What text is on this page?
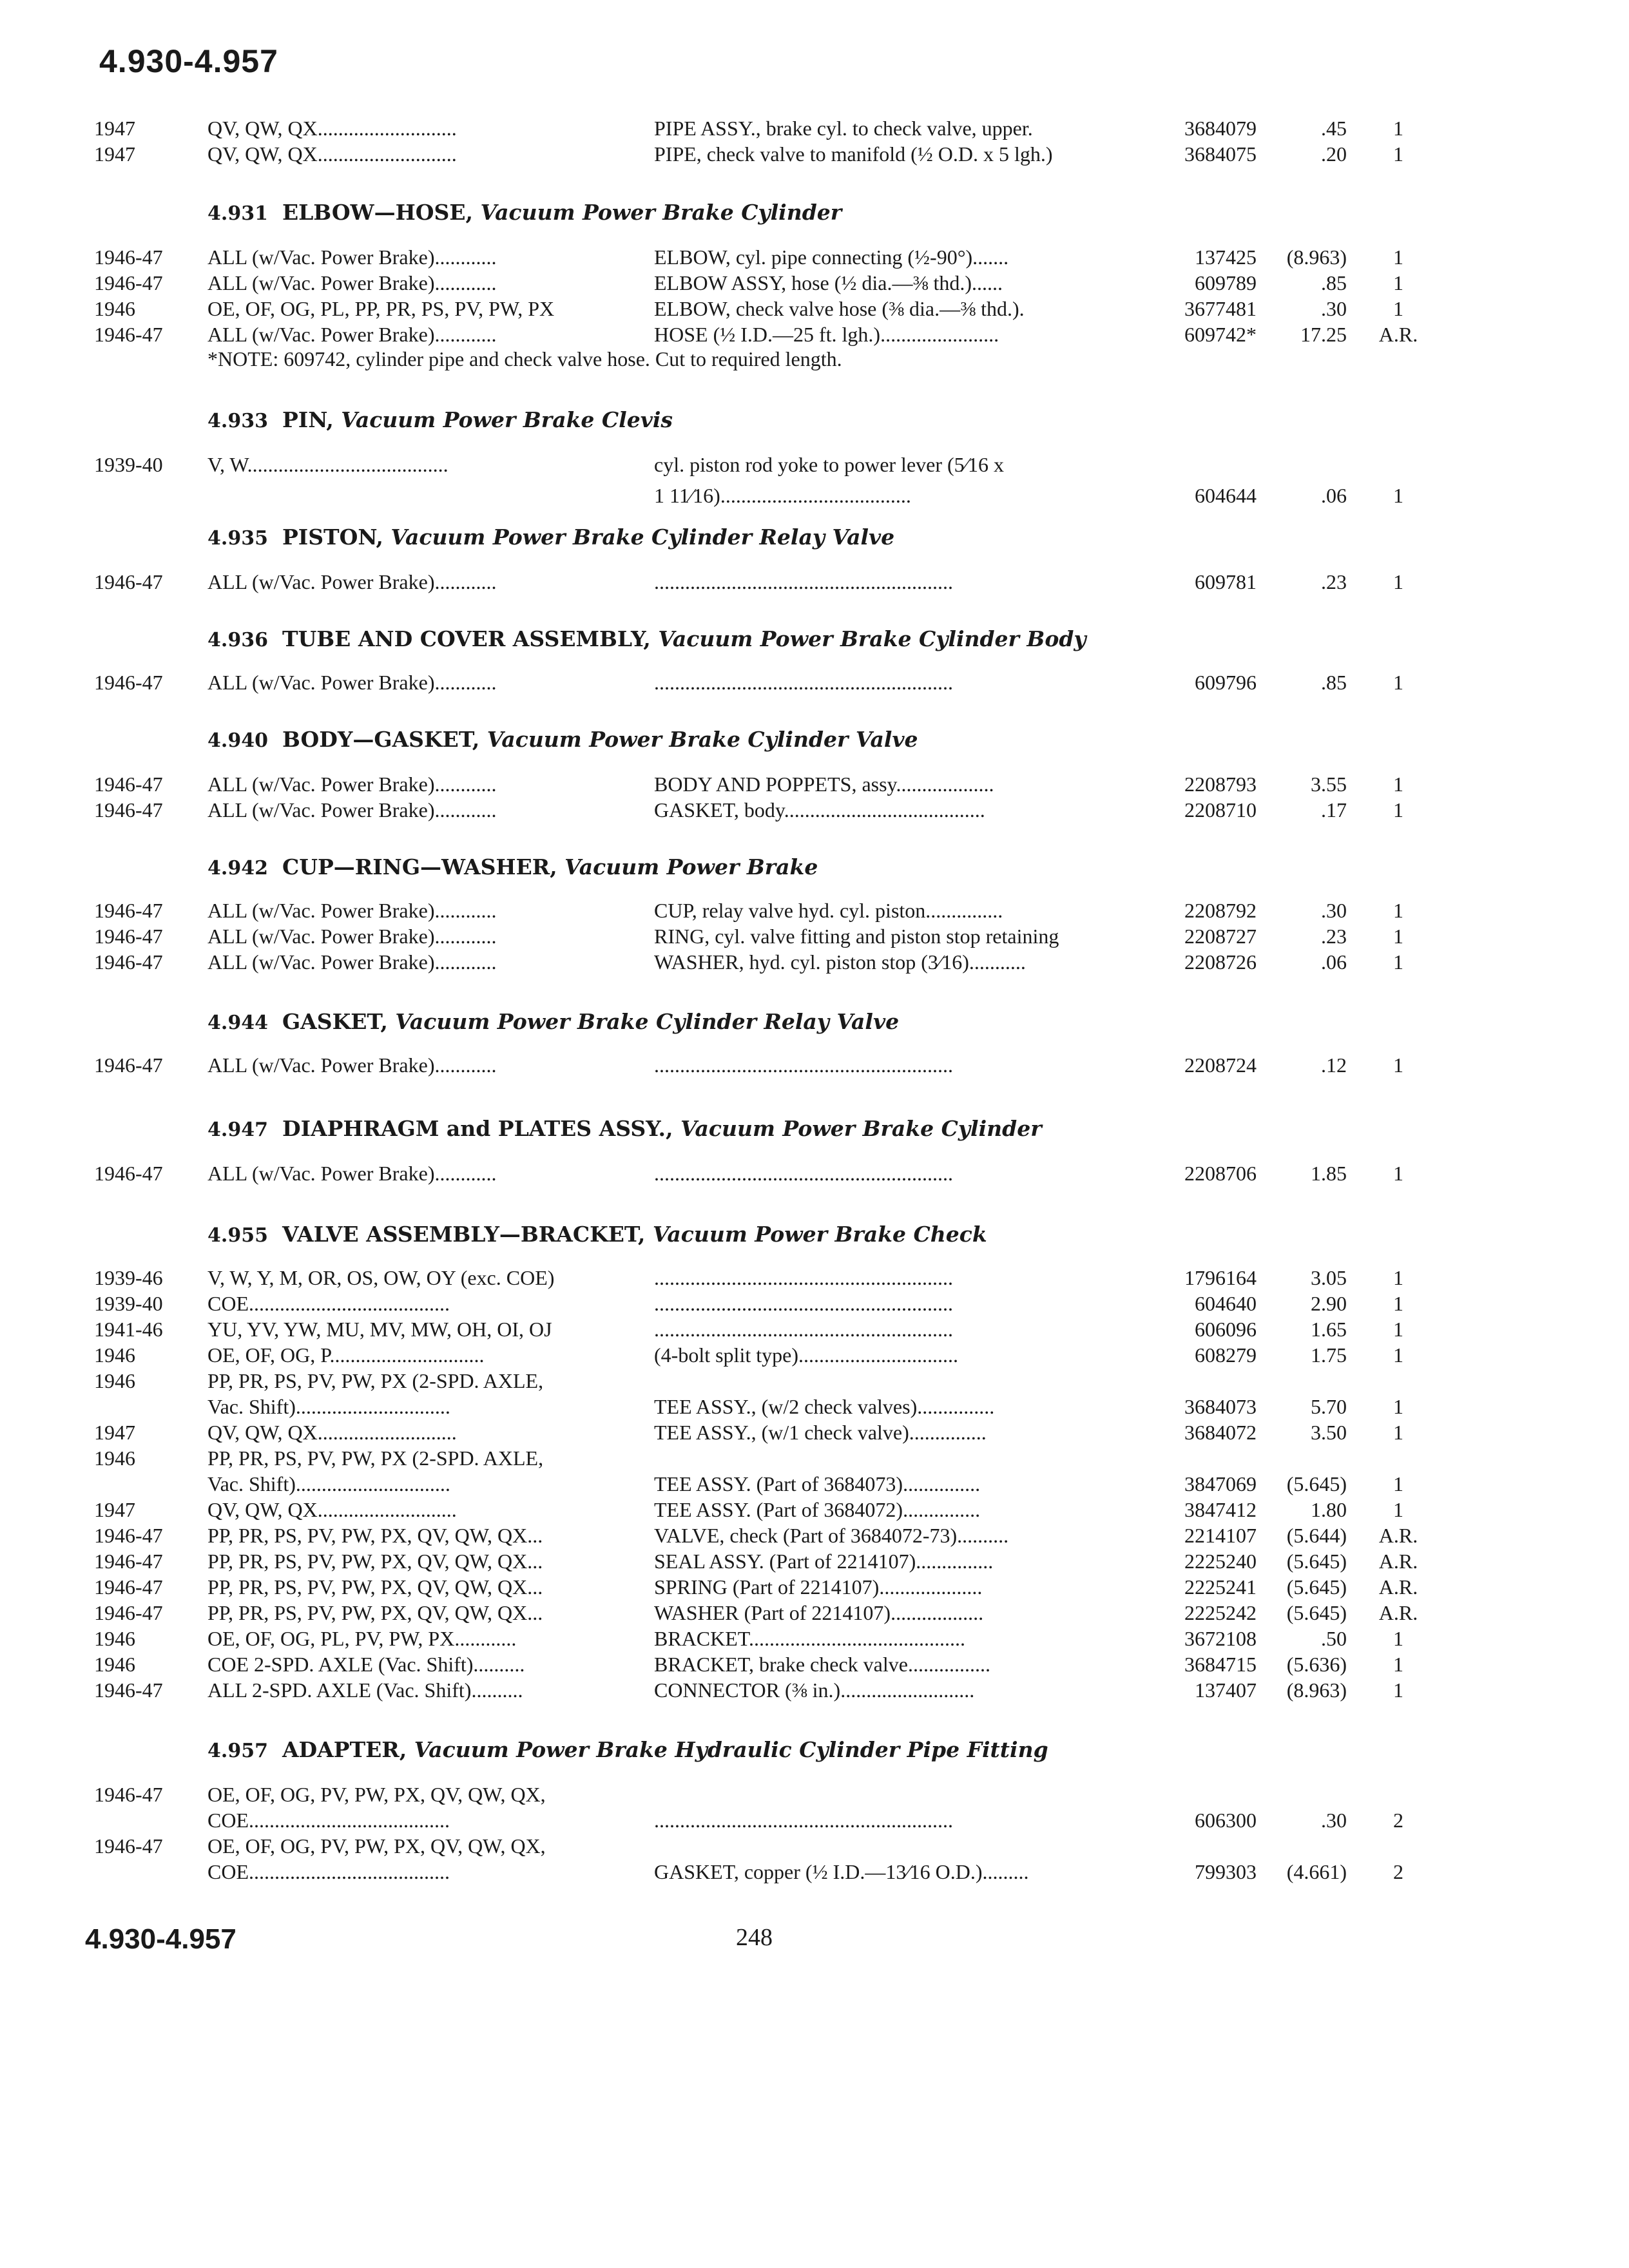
4.930-4.957
1947	QV, QW, QX...........................	PIPE ASSY., brake cyl. to check valve, upper.	3684079	.45	1
1947	QV, QW, QX...........................	PIPE, check valve to manifold (½ O.D. x 5 lgh.)	3684075	.20	1
4.931 ELBOW—HOSE, Vacuum Power Brake Cylinder
1946-47	ALL (w/Vac. Power Brake)............	ELBOW, cyl. pipe connecting (½-90°).......	137425	(8.963)	1
1946-47	ALL (w/Vac. Power Brake)............	ELBOW ASSY, hose (½ dia.—⅜ thd.)......	609789	.85	1
1946	OE, OF, OG, PL, PP, PR, PS, PV, PW, PX	ELBOW, check valve hose (⅜ dia.—⅜ thd.).	3677481	.30	1
1946-47	ALL (w/Vac. Power Brake)............	HOSE (½ I.D.—25 ft. lgh.).......................	609742*	17.25	A.R.
*NOTE: 609742, cylinder pipe and check valve hose. Cut to required length.
4.933 PIN, Vacuum Power Brake Clevis
1939-40	V, W.......................................	cyl. piston rod yoke to power lever (5⁄16 x
1 11⁄16).....................................	604644	.06	1
4.935 PISTON, Vacuum Power Brake Cylinder Relay Valve
1946-47	ALL (w/Vac. Power Brake)............	..........................................................	609781	.23	1
4.936 TUBE AND COVER ASSEMBLY, Vacuum Power Brake Cylinder Body
1946-47	ALL (w/Vac. Power Brake)............	..........................................................	609796	.85	1
4.940 BODY—GASKET, Vacuum Power Brake Cylinder Valve
1946-47	ALL (w/Vac. Power Brake)............	BODY AND POPPETS, assy...................	2208793	3.55	1
1946-47	ALL (w/Vac. Power Brake)............	GASKET, body.......................................	2208710	.17	1
4.942 CUP—RING—WASHER, Vacuum Power Brake
1946-47	ALL (w/Vac. Power Brake)............	CUP, relay valve hyd. cyl. piston...............	2208792	.30	1
1946-47	ALL (w/Vac. Power Brake)............	RING, cyl. valve fitting and piston stop retaining	2208727	.23	1
1946-47	ALL (w/Vac. Power Brake)............	WASHER, hyd. cyl. piston stop (3⁄16)...........	2208726	.06	1
4.944 GASKET, Vacuum Power Brake Cylinder Relay Valve
1946-47	ALL (w/Vac. Power Brake)............	..........................................................	2208724	.12	1
4.947 DIAPHRAGM and PLATES ASSY., Vacuum Power Brake Cylinder
1946-47	ALL (w/Vac. Power Brake)............	..........................................................	2208706	1.85	1
4.955 VALVE ASSEMBLY—BRACKET, Vacuum Power Brake Check
1939-46	V, W, Y, M, OR, OS, OW, OY (exc. COE)	..........................................................	1796164	3.05	1
1939-40	COE.......................................	..........................................................	604640	2.90	1
1941-46	YU, YV, YW, MU, MV, MW, OH, OI, OJ	..........................................................	606096	1.65	1
1946	OE, OF, OG, P..............................	(4-bolt split type)...............................	608279	1.75	1
1946	PP, PR, PS, PV, PW, PX (2-SPD. AXLE,
Vac. Shift)..............................	TEE ASSY., (w/2 check valves)...............	3684073	5.70	1
1947	QV, QW, QX...........................	TEE ASSY., (w/1 check valve)...............	3684072	3.50	1
1946	PP, PR, PS, PV, PW, PX (2-SPD. AXLE,
Vac. Shift)..............................	TEE ASSY. (Part of 3684073)...............	3847069	(5.645)	1
1947	QV, QW, QX...........................	TEE ASSY. (Part of 3684072)...............	3847412	1.80	1
1946-47	PP, PR, PS, PV, PW, PX, QV, QW, QX...	VALVE, check (Part of 3684072-73)..........	2214107	(5.644)	A.R.
1946-47	PP, PR, PS, PV, PW, PX, QV, QW, QX...	SEAL ASSY. (Part of 2214107)...............	2225240	(5.645)	A.R.
1946-47	PP, PR, PS, PV, PW, PX, QV, QW, QX...	SPRING (Part of 2214107)....................	2225241	(5.645)	A.R.
1946-47	PP, PR, PS, PV, PW, PX, QV, QW, QX...	WASHER (Part of 2214107)..................	2225242	(5.645)	A.R.
1946	OE, OF, OG, PL, PV, PW, PX............	BRACKET..........................................	3672108	.50	1
1946	COE 2-SPD. AXLE (Vac. Shift)..........	BRACKET, brake check valve................	3684715	(5.636)	1
1946-47	ALL 2-SPD. AXLE (Vac. Shift)..........	CONNECTOR (⅜ in.)..........................	137407	(8.963)	1
4.957 ADAPTER, Vacuum Power Brake Hydraulic Cylinder Pipe Fitting
1946-47	OE, OF, OG, PV, PW, PX, QV, QW, QX,
COE.......................................	..........................................................	606300	.30	2
1946-47	OE, OF, OG, PV, PW, PX, QV, QW, QX,
COE.......................................	GASKET, copper (½ I.D.—13⁄16 O.D.).........	799303	(4.661)	2
4.930-4.957	248
